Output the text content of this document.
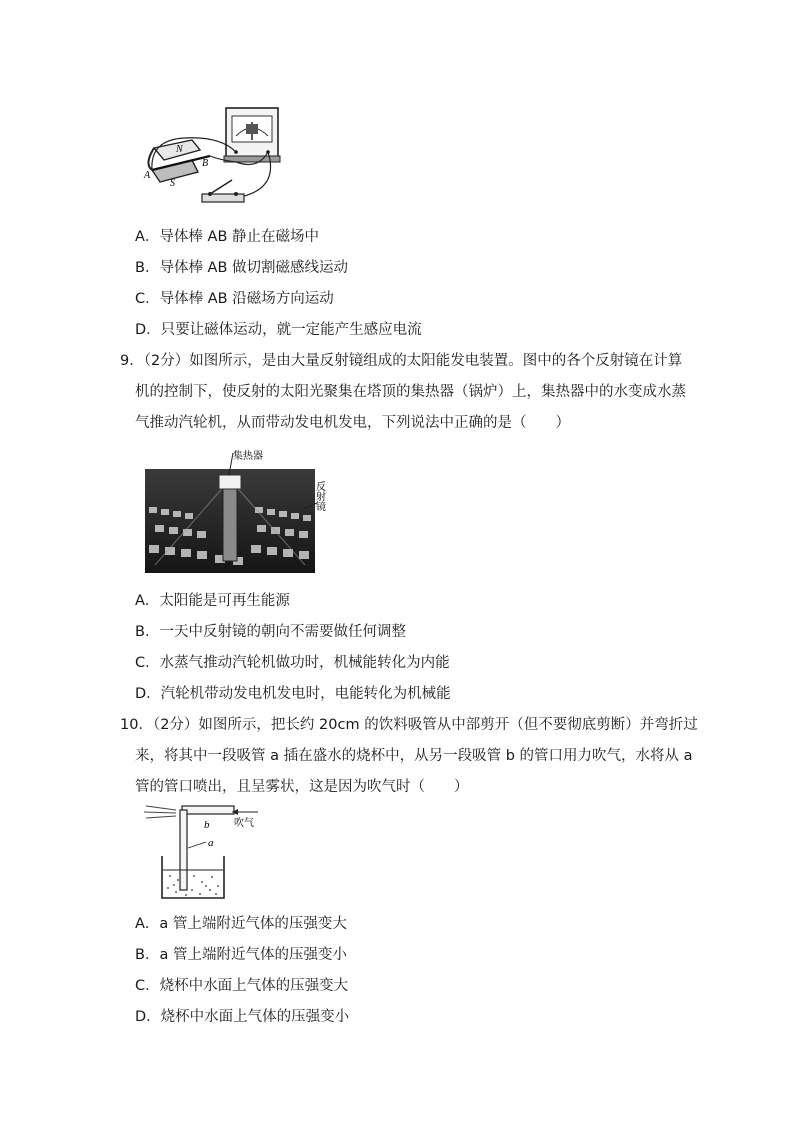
N
S
A
B
A．导体棒 AB 静止在磁场中
B．导体棒 AB 做切割磁感线运动
C．导体棒 AB 沿磁场方向运动
D．只要让磁体运动，就一定能产生感应电流
9．（2分）如图所示，是由大量反射镜组成的太阳能发电装置。图中的各个反射镜在计算
机的控制下，使反射的太阳光聚集在塔顶的集热器（锅炉）上，集热器中的水变成水蒸
气推动汽轮机，从而带动发电机发电，下列说法中正确的是（　　）
集热器
反射镜
A．太阳能是可再生能源
B．一天中反射镜的朝向不需要做任何调整
C．水蒸气推动汽轮机做功时，机械能转化为内能
D．汽轮机带动发电机发电时，电能转化为机械能
10．（2分）如图所示，把长约 20cm 的饮料吸管从中部剪开（但不要彻底剪断）并弯折过
来，将其中一段吸管 a 插在盛水的烧杯中，从另一段吸管 b 的管口用力吹气，水将从 a
管的管口喷出，且呈雾状，这是因为吹气时（　　）
b
a
吹气
A．a 管上端附近气体的压强变大
B．a 管上端附近气体的压强变小
C．烧杯中水面上气体的压强变大
D．烧杯中水面上气体的压强变小
